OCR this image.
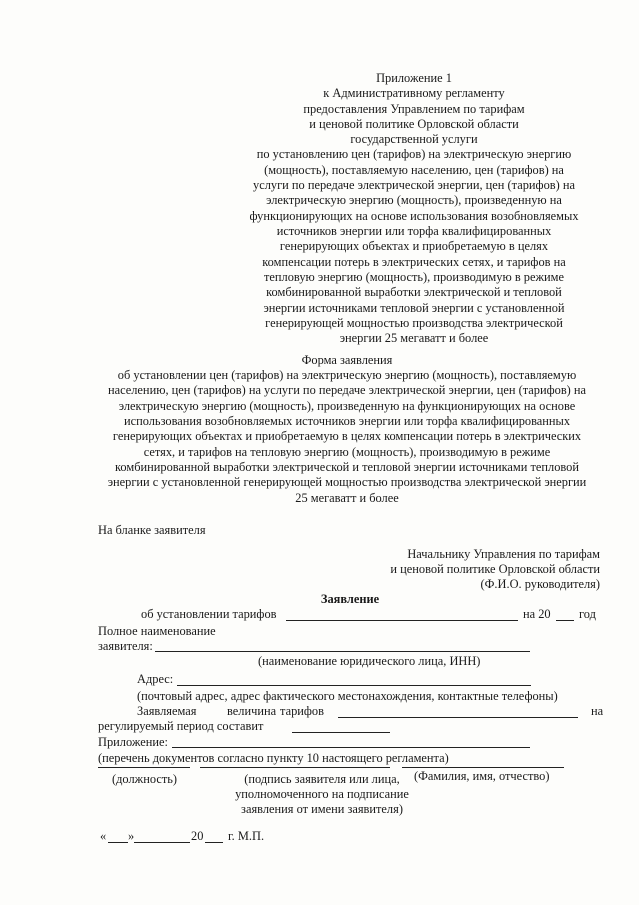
Приложение 1
к Административному регламенту
предоставления Управлением по тарифам
и ценовой политике Орловской области
государственной услуги
по установлению цен (тарифов) на электрическую энергию
(мощность), поставляемую населению, цен (тарифов) на
услуги по передаче электрической энергии, цен (тарифов) на
электрическую энергию (мощность), произведенную на
функционирующих на основе использования возобновляемых
источников энергии или торфа квалифицированных
генерирующих объектах и приобретаемую в целях
компенсации потерь в электрических сетях, и тарифов на
тепловую энергию (мощность), производимую в режиме
комбинированной выработки электрической и тепловой
энергии источниками тепловой энергии с установленной
генерирующей мощностью производства электрической
энергии 25 мегаватт и более
Форма заявления
об установлении цен (тарифов) на электрическую энергию (мощность), поставляемую
населению, цен (тарифов) на услуги по передаче электрической энергии, цен (тарифов) на
электрическую энергию (мощность), произведенную на функционирующих на основе
использования возобновляемых источников энергии или торфа квалифицированных
генерирующих объектах и приобретаемую в целях компенсации потерь в электрических
сетях, и тарифов на тепловую энергию (мощность), производимую в режиме
комбинированной выработки электрической и тепловой энергии источниками тепловой
энергии с установленной генерирующей мощностью производства электрической энергии
25 мегаватт и более
На бланке заявителя
Начальнику Управления по тарифам
и ценовой политике Орловской области
(Ф.И.О. руководителя)
Заявление
об установлении тарифов	на 20 год
Полное наименование
заявителя:
(наименование юридического лица, ИНН)
Адрес:
(почтовый адрес, адрес фактического местонахождения, контактные телефоны)
Заявляемая величина тарифов	на
регулируемый период составит
Приложение:
(перечень документов согласно пункту 10 настоящего регламента)
(должность)	(подпись заявителя или лица,
уполномоченного на подписание
заявления от имени заявителя)
(Фамилия, имя, отчество)
« »	20 г. М.П.
